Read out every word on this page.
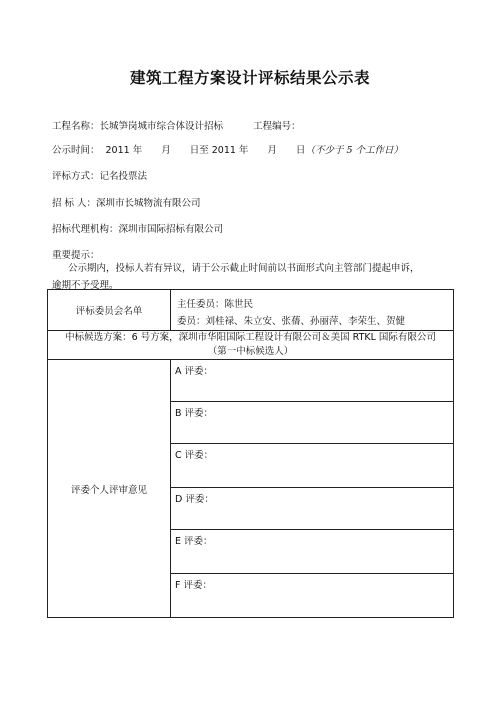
建筑工程方案设计评标结果公示表
工程名称：长城笋岗城市综合体设计招标	工程编号：
公示时间： 2011 年　　月　　日至 2011 年　　月　　日（不少于 5 个工作日）
评标方式：记名投票法
招 标 人：深圳市长城物流有限公司
招标代理机构：深圳市国际招标有限公司
重要提示：
公示期内，投标人若有异议，请于公示截止时间前以书面形式向主管部门提起申诉，
逾期不予受理。
评标委员会名单	主任委员：陈世民
委员：刘桂禄、朱立安、张蒨、孙丽萍、李荣生、贺健

中标候选方案：6 号方案，深圳市华阳国际工程设计有限公司＆美国 RTKL 国际有限公司
（第一中标候选人）	

评委个人评审意见	A 评委：
	B 评委：
	C 评委：
	D 评委：
	E 评委：
	F 评委：
